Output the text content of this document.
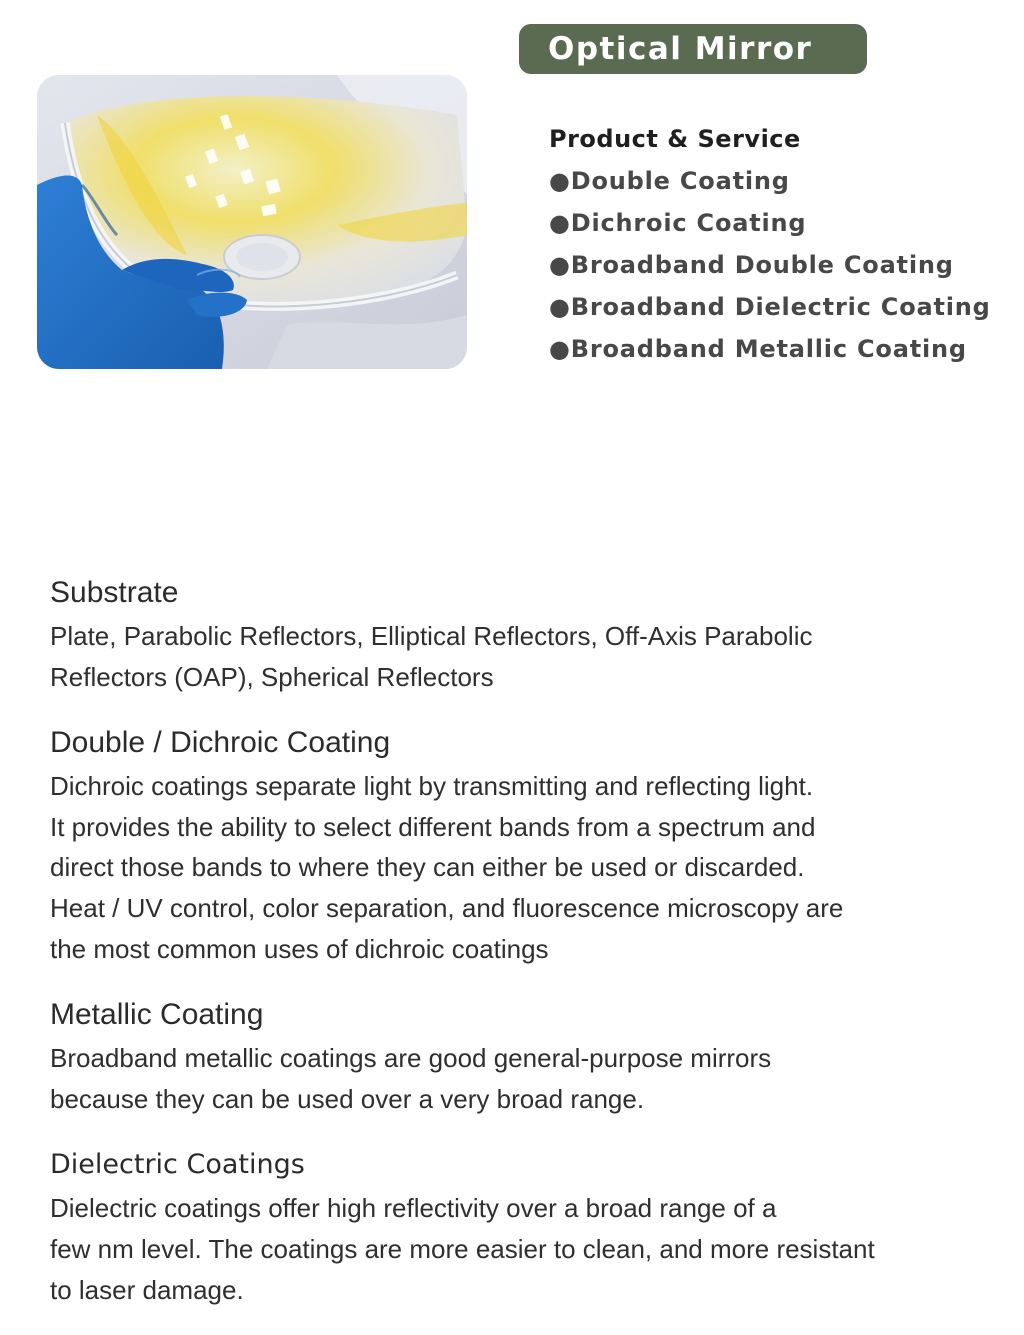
Optical Mirror
Product & Service
●Double Coating
●Dichroic Coating
●Broadband Double Coating
●Broadband Dielectric Coating
●Broadband Metallic Coating
Substrate
Plate, Parabolic Reflectors, Elliptical Reflectors, Off-Axis Parabolic
Reflectors (OAP), Spherical Reflectors
Double / Dichroic Coating
Dichroic coatings separate light by transmitting and reflecting light.
It provides the ability to select different bands from a spectrum and
direct those bands to where they can either be used or discarded.
Heat / UV control, color separation, and fluorescence microscopy are
the most common uses of dichroic coatings
Metallic Coating
Broadband metallic coatings are good general-purpose mirrors
because they can be used over a very broad range.
Dielectric Coatings
Dielectric coatings offer high reflectivity over a broad range of a
few nm level. The coatings are more easier to clean, and more resistant
to laser damage.
